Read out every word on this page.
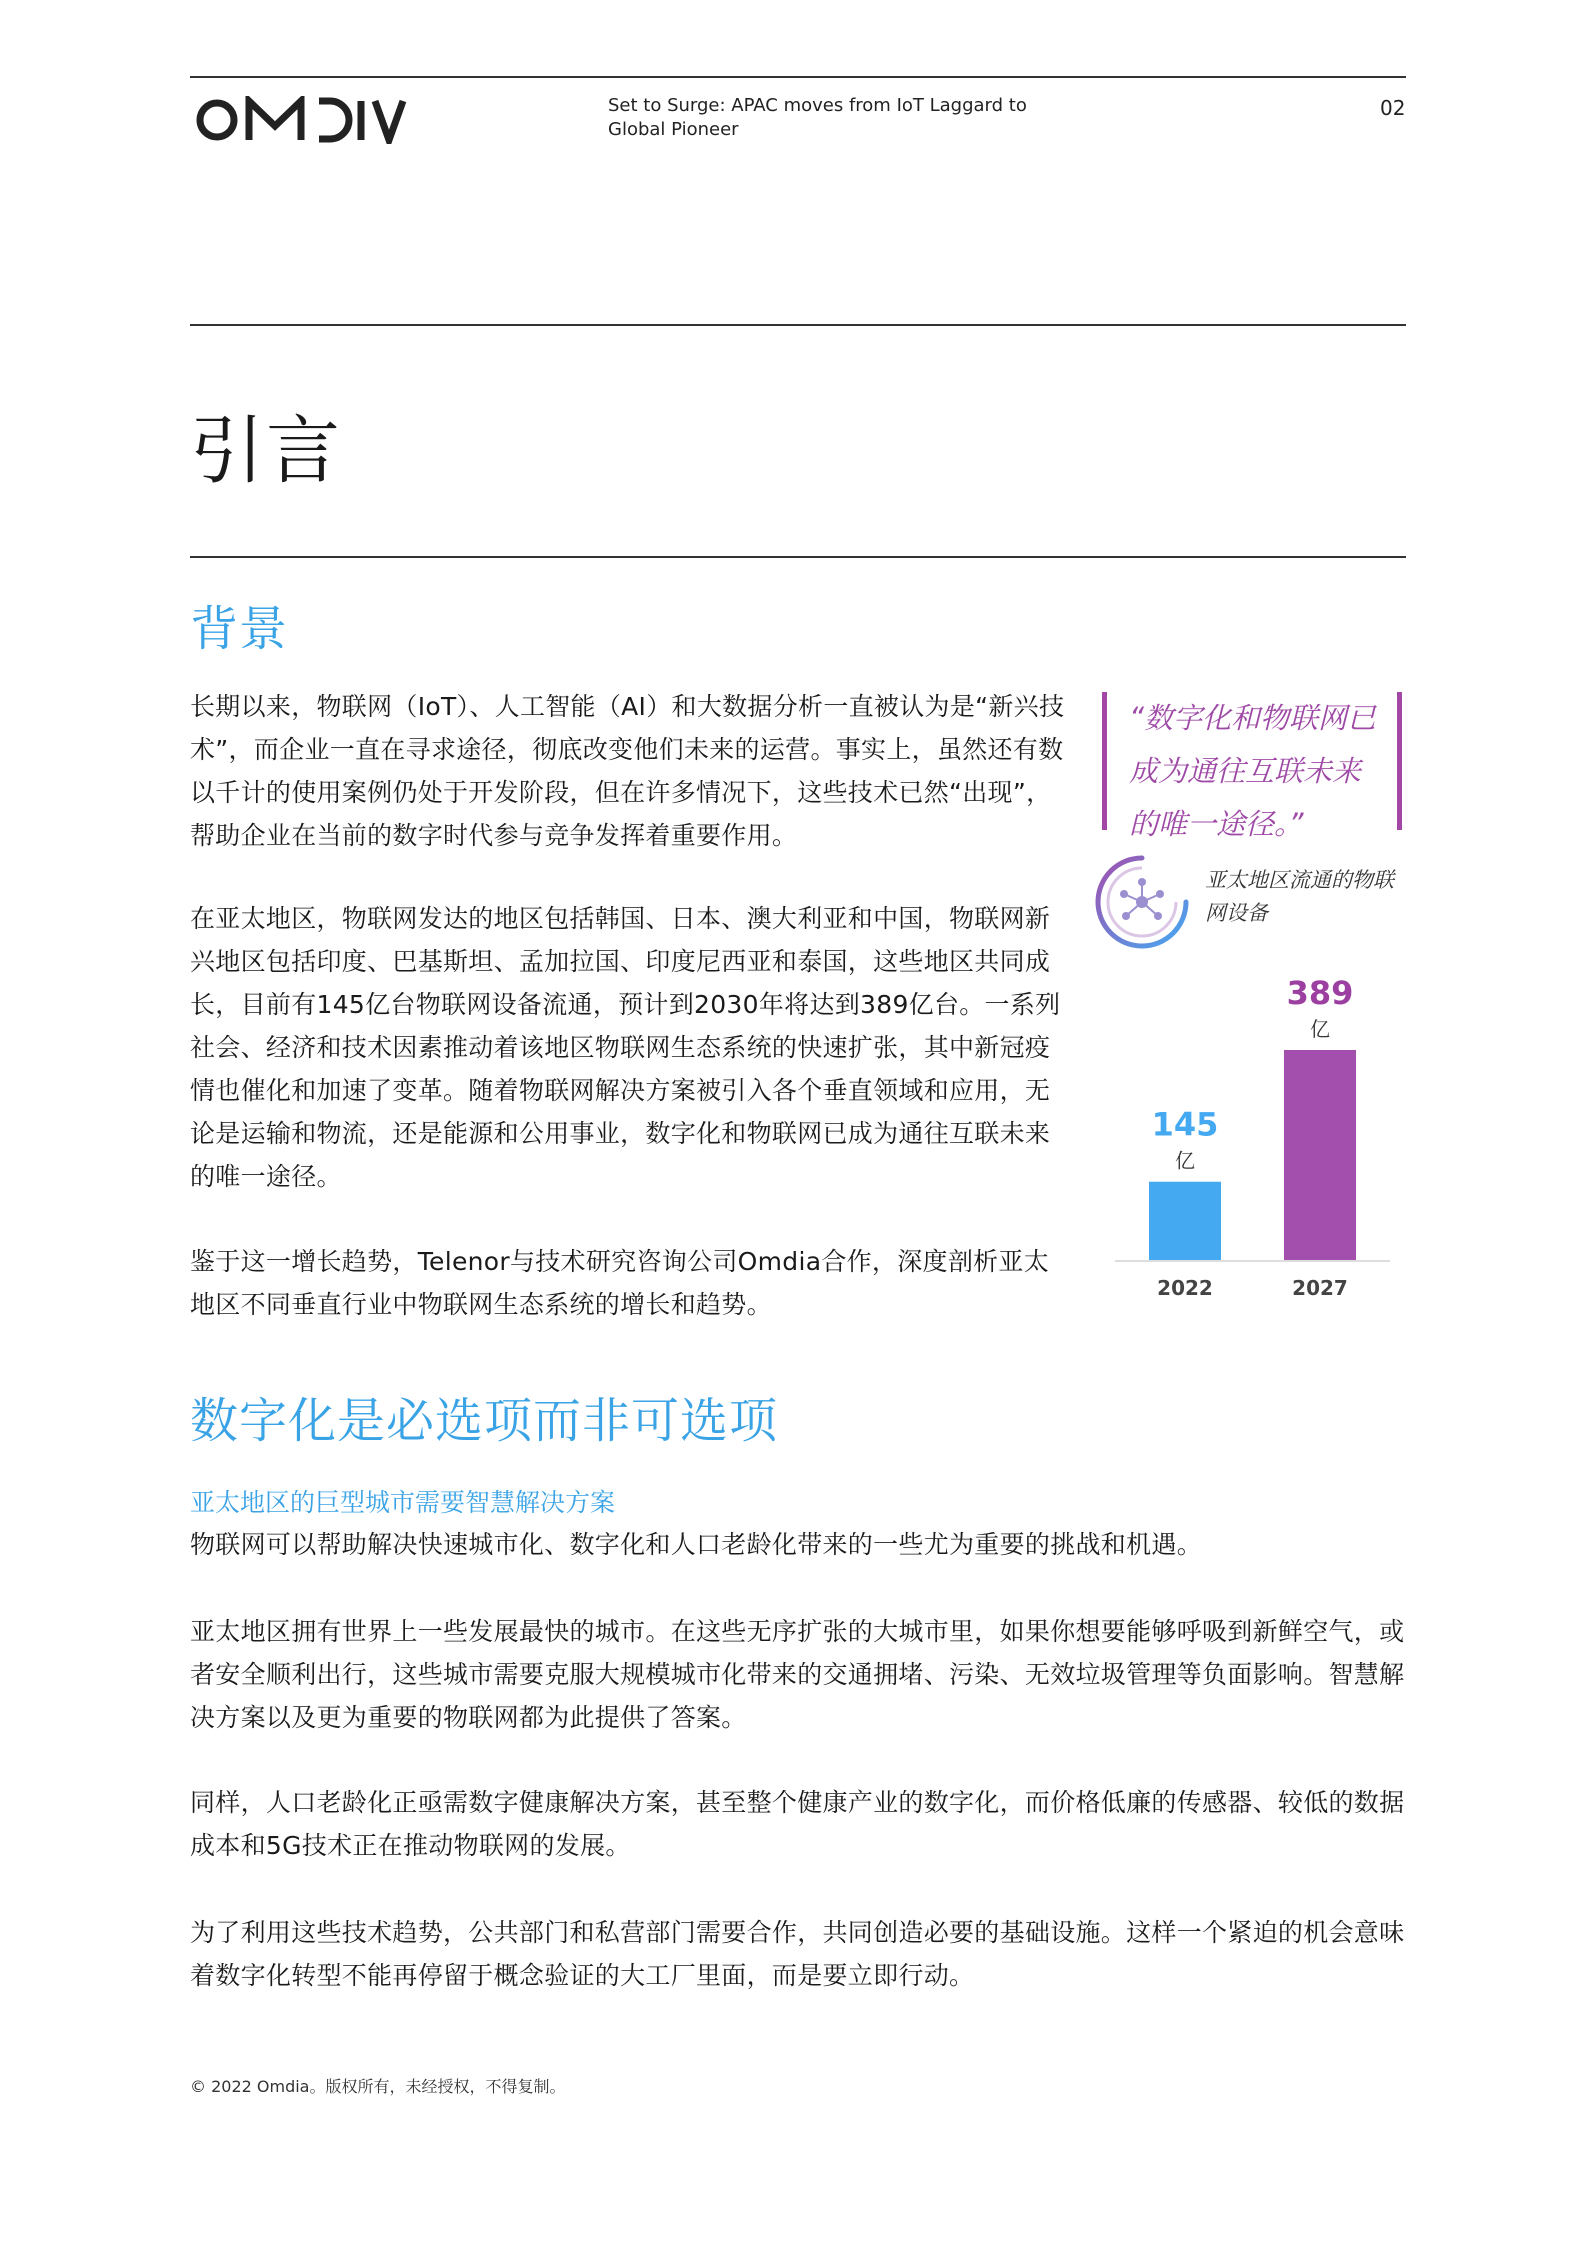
Set to Surge: APAC moves from IoT Laggard to Global Pioneer
02
引言
背景

长期以来，物联网（IoT）、人工智能（AI）和大数据分析一直被认为是“新兴技术”，而企业一直在寻求途径，彻底改变他们未来的运营。事实上，虽然还有数以千计的使用案例仍处于开发阶段，但在许多情况下，这些技术已然“出现”，帮助企业在当前的数字时代参与竞争发挥着重要作用。

在亚太地区，物联网发达的地区包括韩国、日本、澳大利亚和中国，物联网新兴地区包括印度、巴基斯坦、孟加拉国、印度尼西亚和泰国，这些地区共同成长，目前有145亿台物联网设备流通，预计到2030年将达到389亿台。一系列社会、经济和技术因素推动着该地区物联网生态系统的快速扩张，其中新冠疫情也催化和加速了变革。随着物联网解决方案被引入各个垂直领域和应用，无论是运输和物流，还是能源和公用事业，数字化和物联网已成为通往互联未来的唯一途径。

鉴于这一增长趋势，Telenor与技术研究咨询公司Omdia合作，深度剖析亚太地区不同垂直行业中物联网生态系统的增长和趋势。

“数字化和物联网已成为通往互联未来的唯一途径。”
亚太地区流通的物联网设备
145
亿
2022
389
亿
2027
数字化是必选项而非可选项

亚太地区的巨型城市需要智慧解决方案

物联网可以帮助解决快速城市化、数字化和人口老龄化带来的一些尤为重要的挑战和机遇。

亚太地区拥有世界上一些发展最快的城市。在这些无序扩张的大城市里，如果你想要能够呼吸到新鲜空气，或者安全顺利出行，这些城市需要克服大规模城市化带来的交通拥堵、污染、无效垃圾管理等负面影响。智慧解决方案以及更为重要的物联网都为此提供了答案。

同样，人口老龄化正亟需数字健康解决方案，甚至整个健康产业的数字化，而价格低廉的传感器、较低的数据成本和5G技术正在推动物联网的发展。

为了利用这些技术趋势，公共部门和私营部门需要合作，共同创造必要的基础设施。这样一个紧迫的机会意味着数字化转型不能再停留于概念验证的大工厂里面，而是要立即行动。

© 2022 Omdia。版权所有，未经授权，不得复制。
